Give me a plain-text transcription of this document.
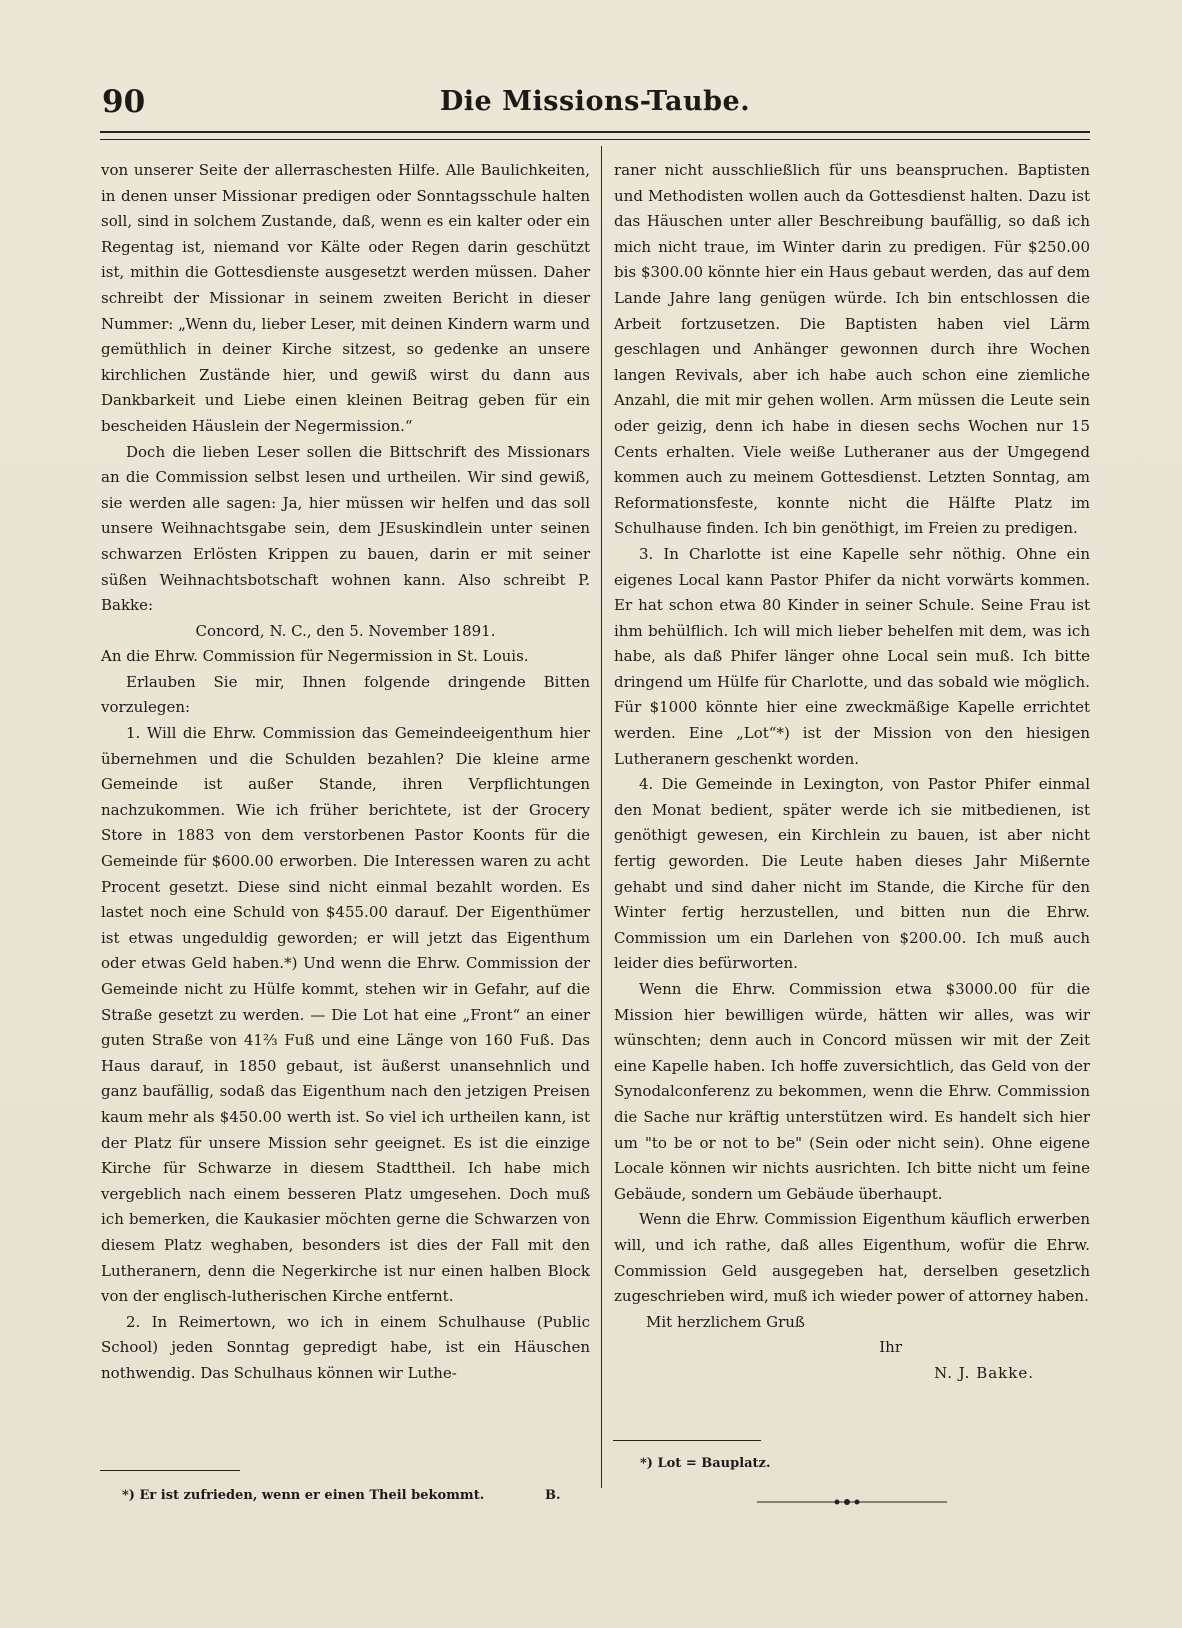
90	Die Missions-Taube.

von unserer Seite der allerraschesten Hilfe. Alle Baulichkeiten, in denen unser Missionar predigen oder Sonntagsschule halten soll, sind in solchem Zustande, daß, wenn es ein kalter oder ein Regentag ist, niemand vor Kälte oder Regen darin geschützt ist, mithin die Gottesdienste ausgesetzt werden müssen. Daher schreibt der Missionar in seinem zweiten Bericht in dieser Nummer: „Wenn du, lieber Leser, mit deinen Kindern warm und gemüthlich in deiner Kirche sitzest, so gedenke an unsere kirchlichen Zustände hier, und gewiß wirst du dann aus Dankbarkeit und Liebe einen kleinen Beitrag geben für ein bescheiden Häuslein der Negermission.“

Doch die lieben Leser sollen die Bittschrift des Missionars an die Commission selbst lesen und urtheilen. Wir sind gewiß, sie werden alle sagen: Ja, hier müssen wir helfen und das soll unsere Weihnachtsgabe sein, dem JEsuskindlein unter seinen schwarzen Erlösten Krippen zu bauen, darin er mit seiner süßen Weihnachtsbotschaft wohnen kann. Also schreibt P. Bakke:

Concord, N. C., den 5. November 1891.

An die Ehrw. Commission für Negermission in St. Louis.

Erlauben Sie mir, Ihnen folgende dringende Bitten vorzulegen:

1. Will die Ehrw. Commission das Gemeindeeigenthum hier übernehmen und die Schulden bezahlen? Die kleine arme Gemeinde ist außer Stande, ihren Verpflichtungen nachzukommen. Wie ich früher berichtete, ist der Grocery Store in 1883 von dem verstorbenen Pastor Koonts für die Gemeinde für $600.00 erworben. Die Interessen waren zu acht Procent gesetzt. Diese sind nicht einmal bezahlt worden. Es lastet noch eine Schuld von $455.00 darauf. Der Eigenthümer ist etwas ungeduldig geworden; er will jetzt das Eigenthum oder etwas Geld haben.*) Und wenn die Ehrw. Commission der Gemeinde nicht zu Hülfe kommt, stehen wir in Gefahr, auf die Straße gesetzt zu werden. — Die Lot hat eine „Front“ an einer guten Straße von 41⅔ Fuß und eine Länge von 160 Fuß. Das Haus darauf, in 1850 gebaut, ist äußerst unansehnlich und ganz baufällig, sodaß das Eigenthum nach den jetzigen Preisen kaum mehr als $450.00 werth ist. So viel ich urtheilen kann, ist der Platz für unsere Mission sehr geeignet. Es ist die einzige Kirche für Schwarze in diesem Stadttheil. Ich habe mich vergeblich nach einem besseren Platz umgesehen. Doch muß ich bemerken, die Kaukasier möchten gerne die Schwarzen von diesem Platz weghaben, besonders ist dies der Fall mit den Lutheranern, denn die Negerkirche ist nur einen halben Block von der englisch-lutherischen Kirche entfernt.

2. In Reimertown, wo ich in einem Schulhause (Public School) jeden Sonntag gepredigt habe, ist ein Häuschen nothwendig. Das Schulhaus können wir Luthe-

raner nicht ausschließlich für uns beanspruchen. Baptisten und Methodisten wollen auch da Gottesdienst halten. Dazu ist das Häuschen unter aller Beschreibung baufällig, so daß ich mich nicht traue, im Winter darin zu predigen. Für $250.00 bis $300.00 könnte hier ein Haus gebaut werden, das auf dem Lande Jahre lang genügen würde. Ich bin entschlossen die Arbeit fortzusetzen. Die Baptisten haben viel Lärm geschlagen und Anhänger gewonnen durch ihre Wochen langen Revivals, aber ich habe auch schon eine ziemliche Anzahl, die mit mir gehen wollen. Arm müssen die Leute sein oder geizig, denn ich habe in diesen sechs Wochen nur 15 Cents erhalten. Viele weiße Lutheraner aus der Umgegend kommen auch zu meinem Gottesdienst. Letzten Sonntag, am Reformationsfeste, konnte nicht die Hälfte Platz im Schulhause finden. Ich bin genöthigt, im Freien zu predigen.

3. In Charlotte ist eine Kapelle sehr nöthig. Ohne ein eigenes Local kann Pastor Phifer da nicht vorwärts kommen. Er hat schon etwa 80 Kinder in seiner Schule. Seine Frau ist ihm behülflich. Ich will mich lieber behelfen mit dem, was ich habe, als daß Phifer länger ohne Local sein muß. Ich bitte dringend um Hülfe für Charlotte, und das sobald wie möglich. Für $1000 könnte hier eine zweckmäßige Kapelle errichtet werden. Eine „Lot“*) ist der Mission von den hiesigen Lutheranern geschenkt worden.

4. Die Gemeinde in Lexington, von Pastor Phifer einmal den Monat bedient, später werde ich sie mitbedienen, ist genöthigt gewesen, ein Kirchlein zu bauen, ist aber nicht fertig geworden. Die Leute haben dieses Jahr Mißernte gehabt und sind daher nicht im Stande, die Kirche für den Winter fertig herzustellen, und bitten nun die Ehrw. Commission um ein Darlehen von $200.00. Ich muß auch leider dies befürworten.

Wenn die Ehrw. Commission etwa $3000.00 für die Mission hier bewilligen würde, hätten wir alles, was wir wünschten; denn auch in Concord müssen wir mit der Zeit eine Kapelle haben. Ich hoffe zuversichtlich, das Geld von der Synodalconferenz zu bekommen, wenn die Ehrw. Commission die Sache nur kräftig unterstützen wird. Es handelt sich hier um "to be or not to be" (Sein oder nicht sein). Ohne eigene Locale können wir nichts ausrichten. Ich bitte nicht um feine Gebäude, sondern um Gebäude überhaupt.

Wenn die Ehrw. Commission Eigenthum käuflich erwerben will, und ich rathe, daß alles Eigenthum, wofür die Ehrw. Commission Geld ausgegeben hat, derselben gesetzlich zugeschrieben wird, muß ich wieder power of attorney haben.

Mit herzlichem Gruß

Ihr

N. J. Bakke.

*) Er ist zufrieden, wenn er einen Theil bekommt.	B.
*) Lot = Bauplatz.
